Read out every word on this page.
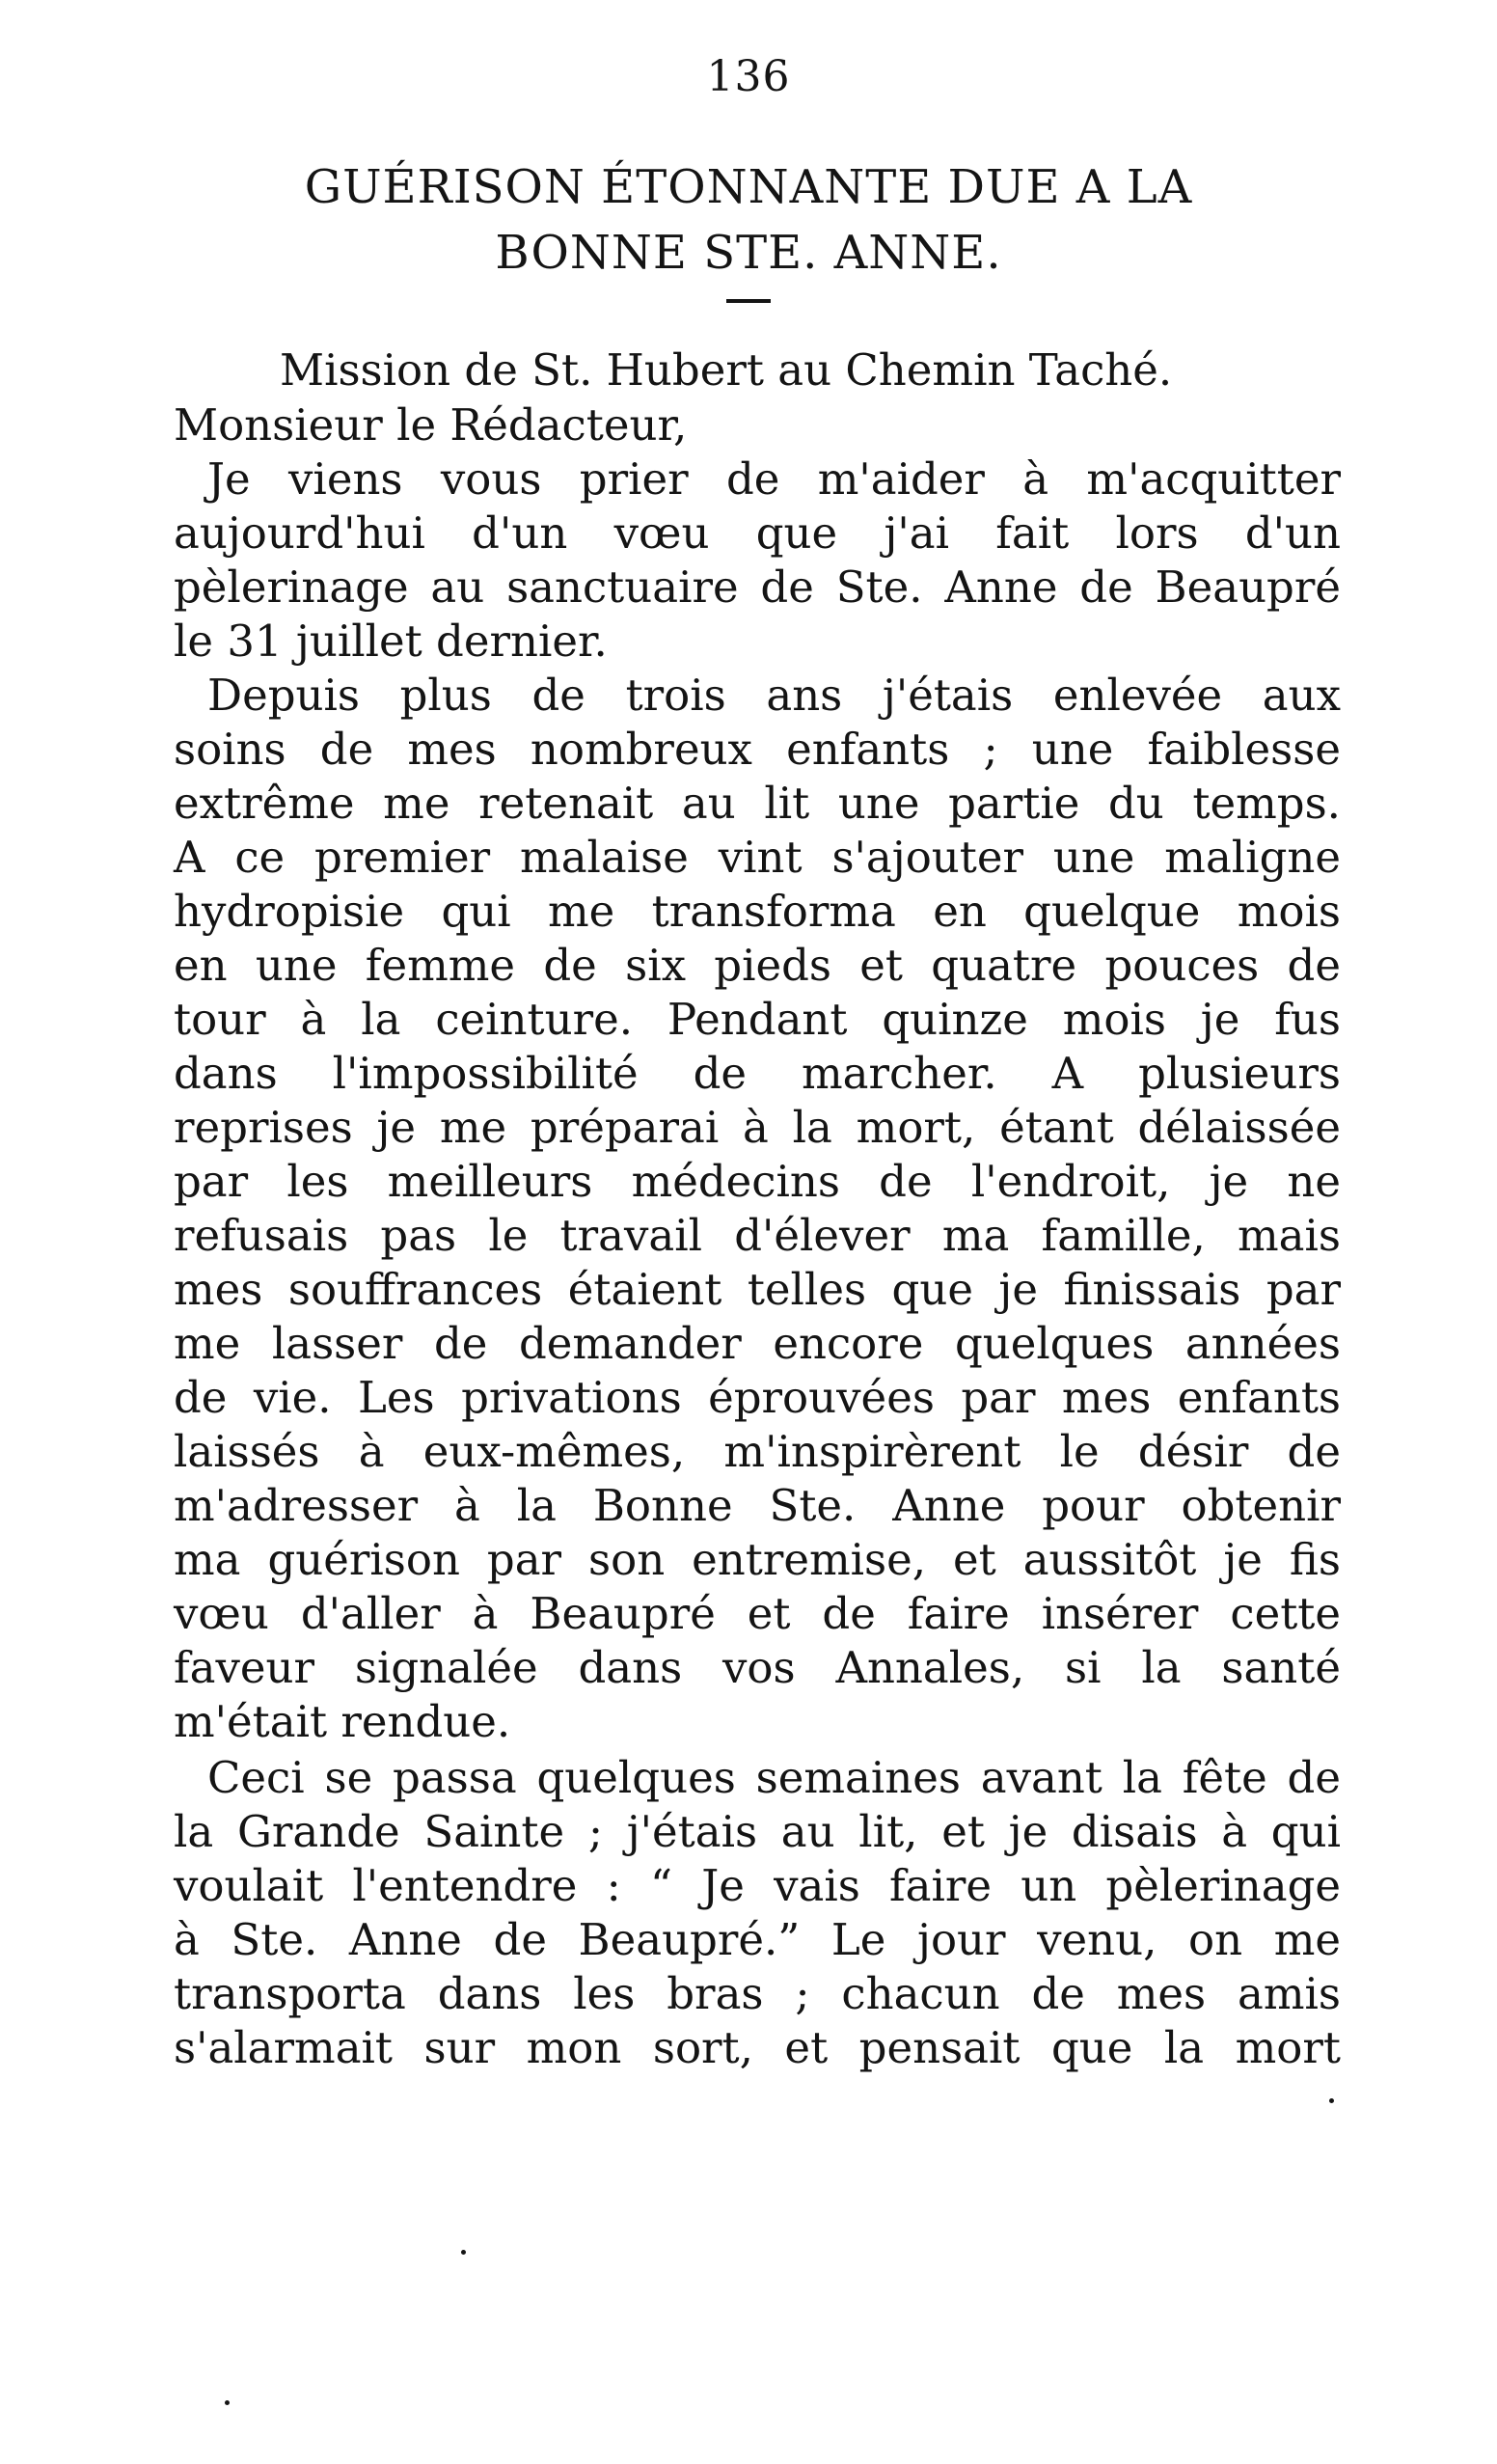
136
GUÉRISON ÉTONNANTE DUE A LA
BONNE STE. ANNE.
Mission de St. Hubert au Chemin Taché.
Monsieur le Rédacteur,
Je viens vous prier de m'aider à m'acquitter
aujourd'hui d'un vœu que j'ai fait lors d'un
pèlerinage au sanctuaire de Ste. Anne de Beaupré
le 31 juillet dernier.
Depuis plus de trois ans j'étais enlevée aux
soins de mes nombreux enfants ; une faiblesse
extrême me retenait au lit une partie du temps.
A ce premier malaise vint s'ajouter une maligne
hydropisie qui me transforma en quelque mois
en une femme de six pieds et quatre pouces de
tour à la ceinture. Pendant quinze mois je fus
dans l'impossibilité de marcher. A plusieurs
reprises je me préparai à la mort, étant délaissée
par les meilleurs médecins de l'endroit, je ne
refusais pas le travail d'élever ma famille, mais
mes souffrances étaient telles que je finissais par
me lasser de demander encore quelques années
de vie. Les privations éprouvées par mes enfants
laissés à eux-mêmes, m'inspirèrent le désir de
m'adresser à la Bonne Ste. Anne pour obtenir
ma guérison par son entremise, et aussitôt je fis
vœu d'aller à Beaupré et de faire insérer cette
faveur signalée dans vos Annales, si la santé
m'était rendue.
Ceci se passa quelques semaines avant la fête de
la Grande Sainte ; j'étais au lit, et je disais à qui
voulait l'entendre : “ Je vais faire un pèlerinage
à Ste. Anne de Beaupré.” Le jour venu, on me
transporta dans les bras ; chacun de mes amis
s'alarmait sur mon sort, et pensait que la mort
